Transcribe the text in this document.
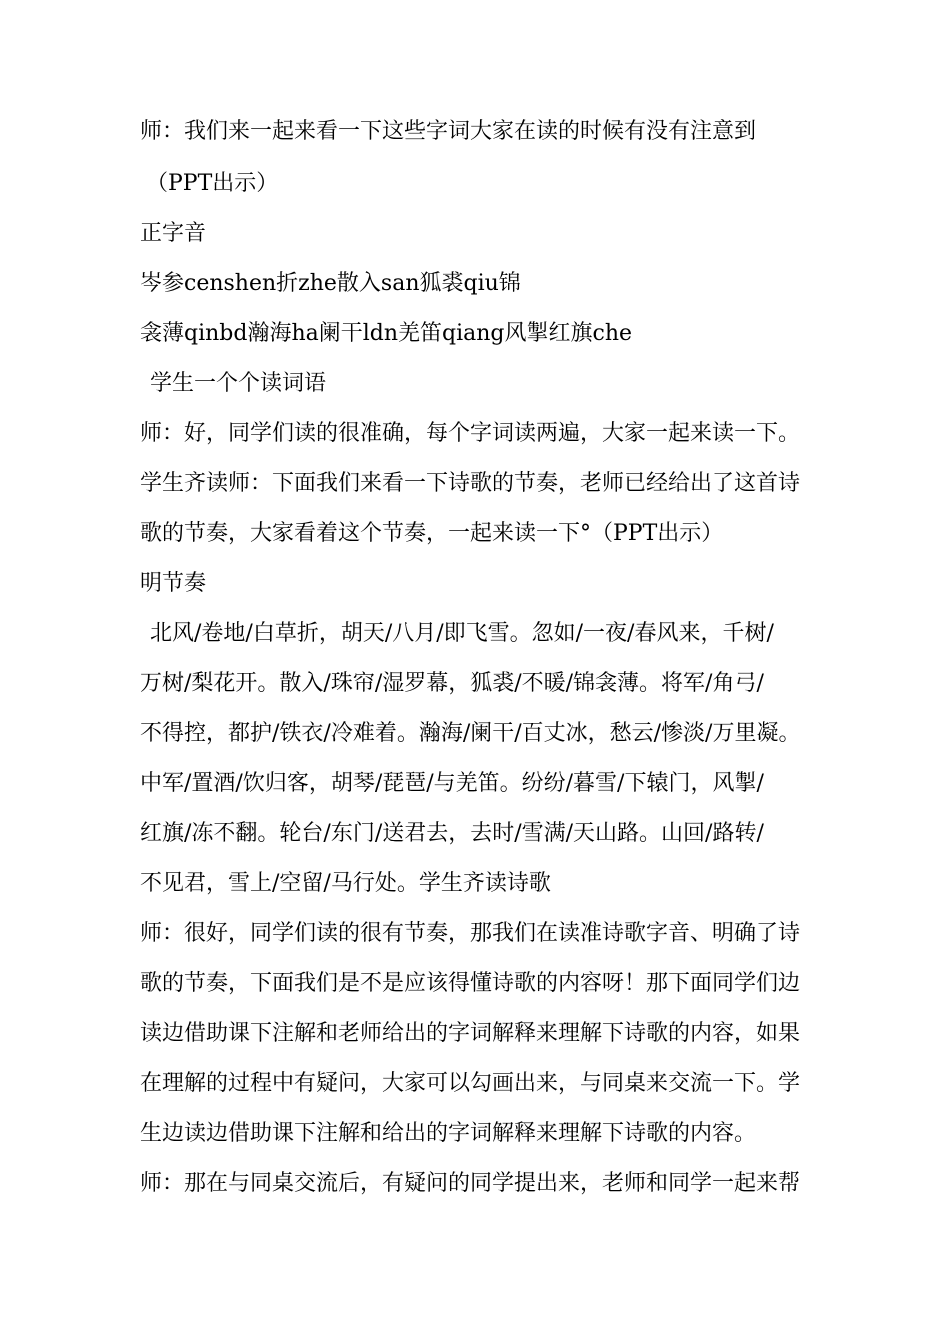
师：我们来一起来看一下这些字词大家在读的时候有没有注意到
（PPT出示）
正字音
岑参censhen折zhe散入san狐裘qiu锦
衾薄qinbd瀚海ha阑干ldn羌笛qiang风掣红旗che
学生一个个读词语
师：好，同学们读的很准确，每个字词读两遍，大家一起来读一下。
学生齐读师：下面我们来看一下诗歌的节奏，老师已经给出了这首诗
歌的节奏，大家看着这个节奏，一起来读一下°（PPT出示）
明节奏
北风/卷地/白草折，胡天/八月/即飞雪。忽如/一夜/春风来，千树/
万树/梨花开。散入/珠帘/湿罗幕，狐裘/不暖/锦衾薄。将军/角弓/
不得控，都护/铁衣/冷难着。瀚海/阑干/百丈冰，愁云/惨淡/万里凝。
中军/置酒/饮归客，胡琴/琵琶/与羌笛。纷纷/暮雪/下辕门，风掣/
红旗/冻不翻。轮台/东门/送君去，去时/雪满/天山路。山回/路转/
不见君，雪上/空留/马行处。学生齐读诗歌
师：很好，同学们读的很有节奏，那我们在读准诗歌字音、明确了诗
歌的节奏，下面我们是不是应该得懂诗歌的内容呀！那下面同学们边
读边借助课下注解和老师给出的字词解释来理解下诗歌的内容，如果
在理解的过程中有疑问，大家可以勾画出来，与同桌来交流一下。学
生边读边借助课下注解和给出的字词解释来理解下诗歌的内容。
师：那在与同桌交流后，有疑问的同学提出来，老师和同学一起来帮
